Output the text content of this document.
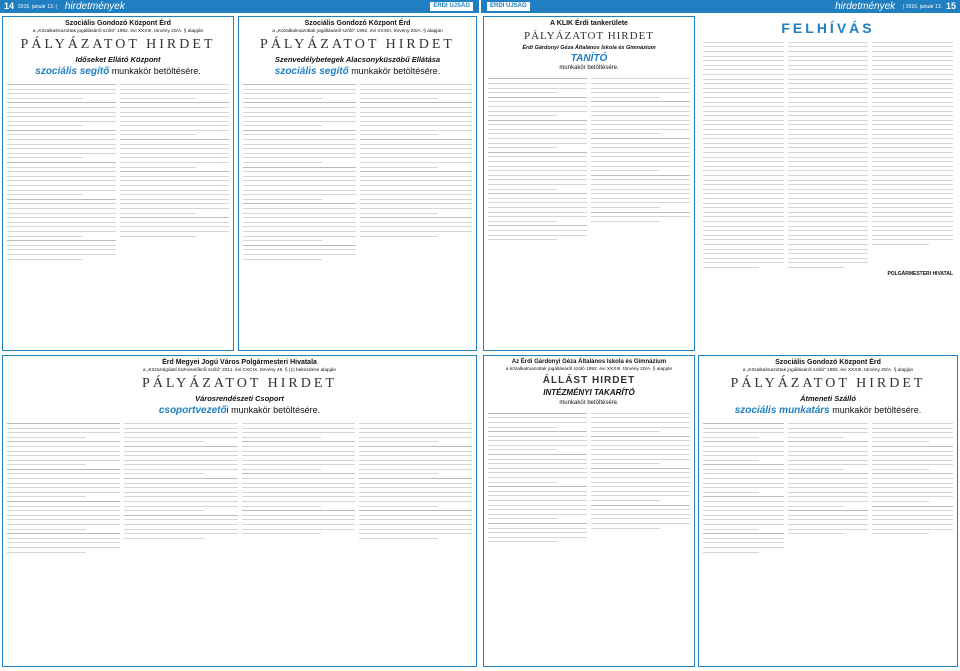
14 2016. január 13. | hirdetmények	ÉRDI ÚJSÁG	ÉRDI ÚJSÁG	hirdetmények | 2016. január 13. 15
Szociális Gondozó Központ Érd
a „Közalkalmazottak jogállásáról szóló” 1992. évi XXXIII. törvény 20/A. § alapján
PÁLYÁZATOT HIRDET
Időseket Ellátó Központ
szociális segítő munkakör betöltésére.
Szociális Gondozó Központ Érd
a „Közalkalmazottak jogállásáról szóló” 1992. évi XXXIII. törvény 20/A. § alapján
PÁLYÁZATOT HIRDET
Szenvedélybetegek Alacsonyküszöbű Ellátása
szociális segítő munkakör betöltésére.
Érd Megyei Jogú Város Polgármesteri Hivatala
a „Közszolgálati tisztviselőkről szóló” 2011. évi CXCIX. törvény 45. § (1) bekezdése alapján
PÁLYÁZATOT HIRDET
Városrendészeti Csoport
csoportvezetői munkakör betöltésére.
A KLIK Érdi tankerülete
PÁLYÁZATOT HIRDET
Érdi Gárdonyi Géza Általános Iskola és Gimnázium
TANÍTÓ
munkakör betöltésére.
FELHÍVÁS
POLGÁRMESTERI HIVATAL
Az Érdi Gárdonyi Géza Általános Iskola és Gimnázium
a közalkalmazottak jogállásáról szóló 1992. évi XXXIII. törvény 20/A. § alapján
ÁLLÁST HIRDET
INTÉZMÉNYI TAKARÍTÓ
munkakör betöltésére.
Szociális Gondozó Központ Érd
a „Közalkalmazottak jogállásáról szóló” 1992. évi XXXIII. törvény 20/A. § alapján
PÁLYÁZATOT HIRDET
Átmeneti Szálló
szociális munkatárs munkakör betöltésére.
